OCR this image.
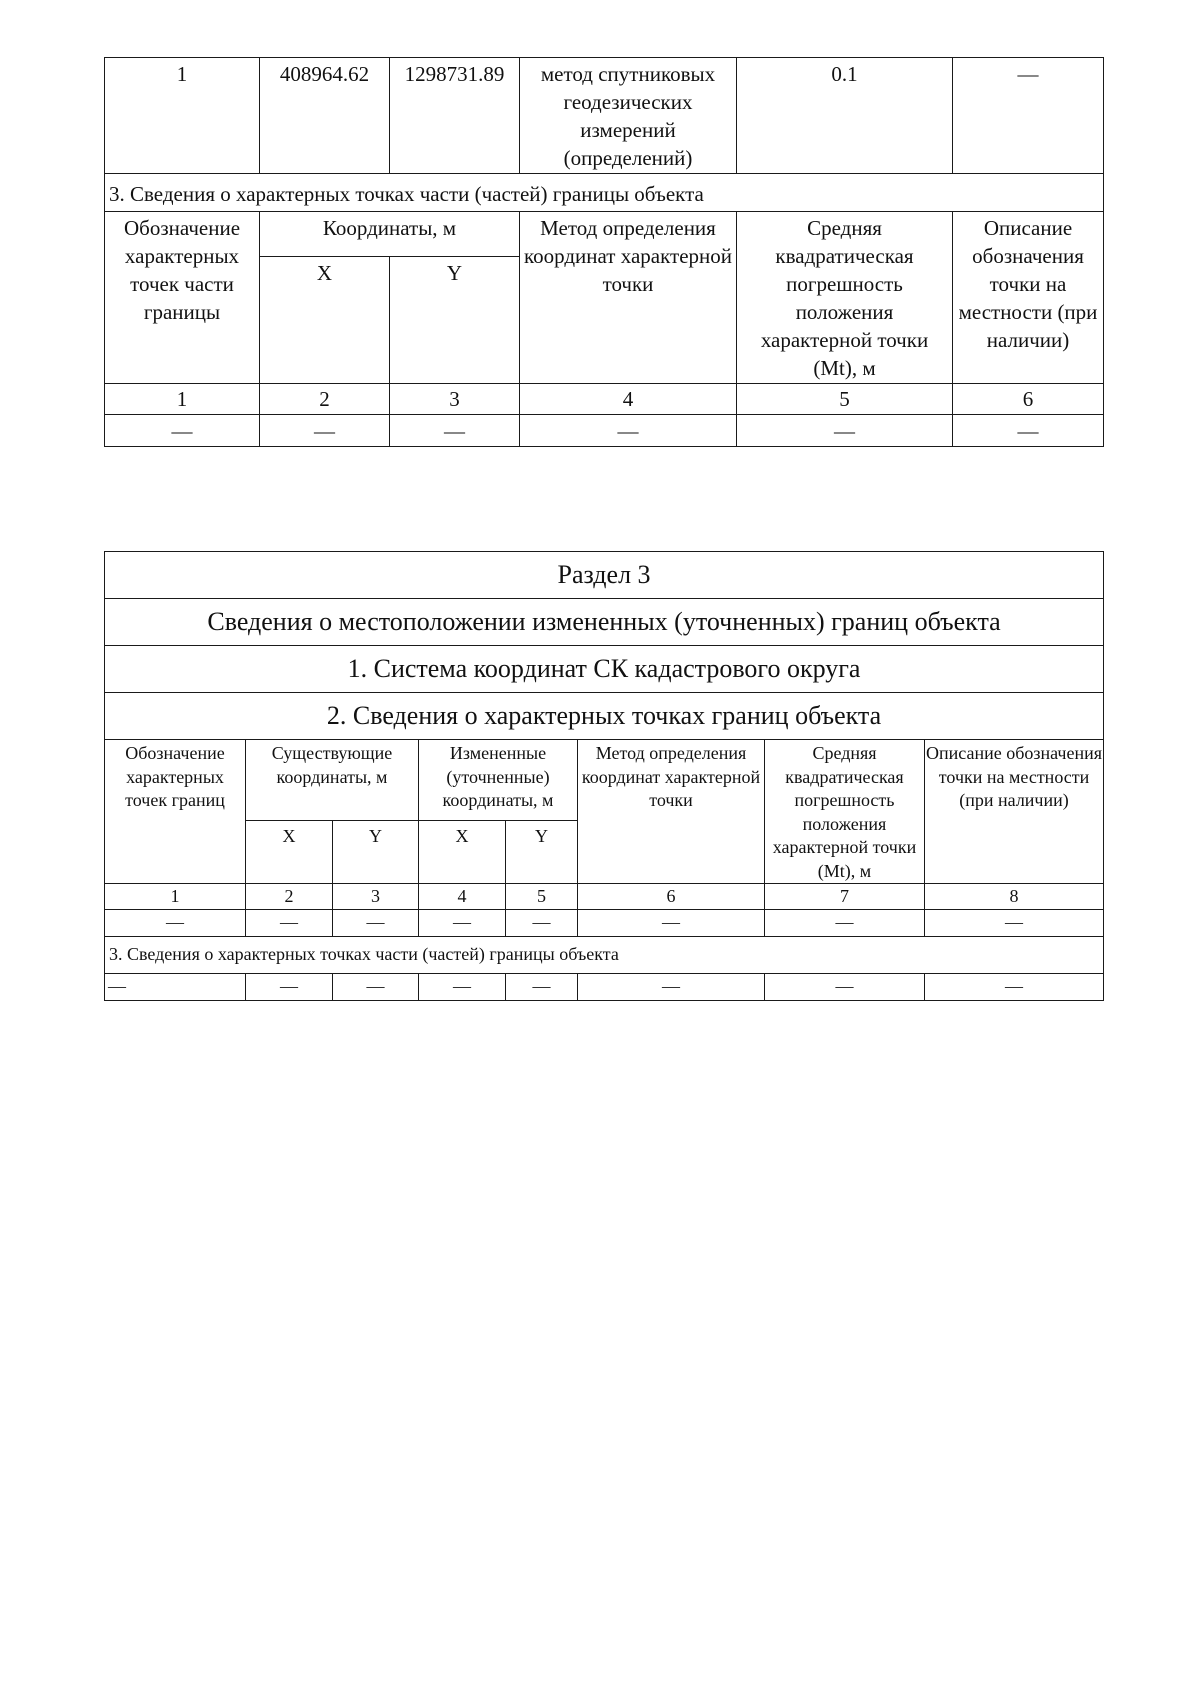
1	408964.62	1298731.89	метод спутниковых геодезических измерений (определений)	0.1	—
3. Сведения о характерных точках части (частей) границы объекта					
Обозначение характерных точек части границы	Координаты, м		Метод определения координат характерной точки	Средняя квадратическая погрешность положения характерной точки (Mt), м	Описание обозначения точки на местности (при наличии)
	X	Y			
1	2	3	4	5	6
—	—	—	—	—	—
Раздел 3							
Сведения о местоположении измененных (уточненных) границ объекта							
1. Система координат СК кадастрового округа							
2. Сведения о характерных точках границ объекта							
Обозначение характерных точек границ	Существующие координаты, м		Измененные (уточненные) координаты, м		Метод определения координат характерной точки	Средняя квадратическая погрешность положения характерной точки (Mt), м	Описание обозначения точки на местности (при наличии)
	X	Y	X	Y			
1	2	3	4	5	6	7	8
—	—	—	—	—	—	—	—
3. Сведения о характерных точках части (частей) границы объекта							
—	—	—	—	—	—	—	—
